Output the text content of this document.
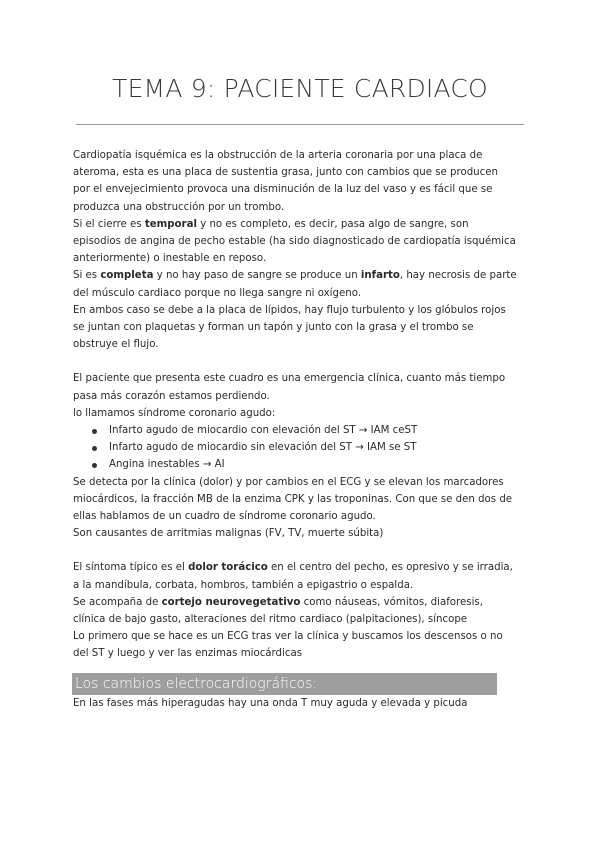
TEMA 9: PACIENTE CARDIACO

Cardiopatía isquémica es la obstrucción de la arteria coronaria por una placa de ateroma, esta es una placa de sustentia grasa, junto con cambios que se producen por el envejecimiento provoca una disminución de la luz del vaso y es fácil que se produzca una obstrucción por un trombo.

Si el cierre es temporal y no es completo, es decir, pasa algo de sangre, son episodios de angina de pecho estable (ha sido diagnosticado de cardiopatía isquémica anteriormente) o inestable en reposo.

Si es completa y no hay paso de sangre se produce un infarto, hay necrosis de parte del músculo cardiaco porque no llega sangre ni oxígeno.

En ambos caso se debe a la placa de lípidos, hay flujo turbulento y los glóbulos rojos se juntan con plaquetas y forman un tapón y junto con la grasa y el trombo se obstruye el flujo.

El paciente que presenta este cuadro es una emergencia clínica, cuanto más tiempo pasa más corazón estamos perdiendo.

lo llamamos síndrome coronario agudo:

Infarto agudo de miocardio con elevación del ST → IAM ceST
Infarto agudo de miocardio sin elevación del ST → IAM se ST
Angina inestables → AI

Se detecta por la clínica (dolor) y por cambios en el ECG y se elevan los marcadores miocárdicos, la fracción MB de la enzima CPK y las troponinas. Con que se den dos de ellas hablamos de un cuadro de síndrome coronario agudo.

Son causantes de arritmias malignas (FV, TV, muerte súbita)

El síntoma típico es el dolor torácico en el centro del pecho, es opresivo y se irradia, a la mandíbula, corbata, hombros, también a epigastrio o espalda.

Se acompaña de cortejo neurovegetativo como náuseas, vómitos, diaforesis, clínica de bajo gasto, alteraciones del ritmo cardiaco (palpitaciones), síncope

Lo primero que se hace es un ECG tras ver la clínica y buscamos los descensos o no del ST y luego y ver las enzimas miocárdicas

Los cambios electrocardiográficos:

En las fases más hiperagudas hay una onda T muy aguda y elevada y picuda
